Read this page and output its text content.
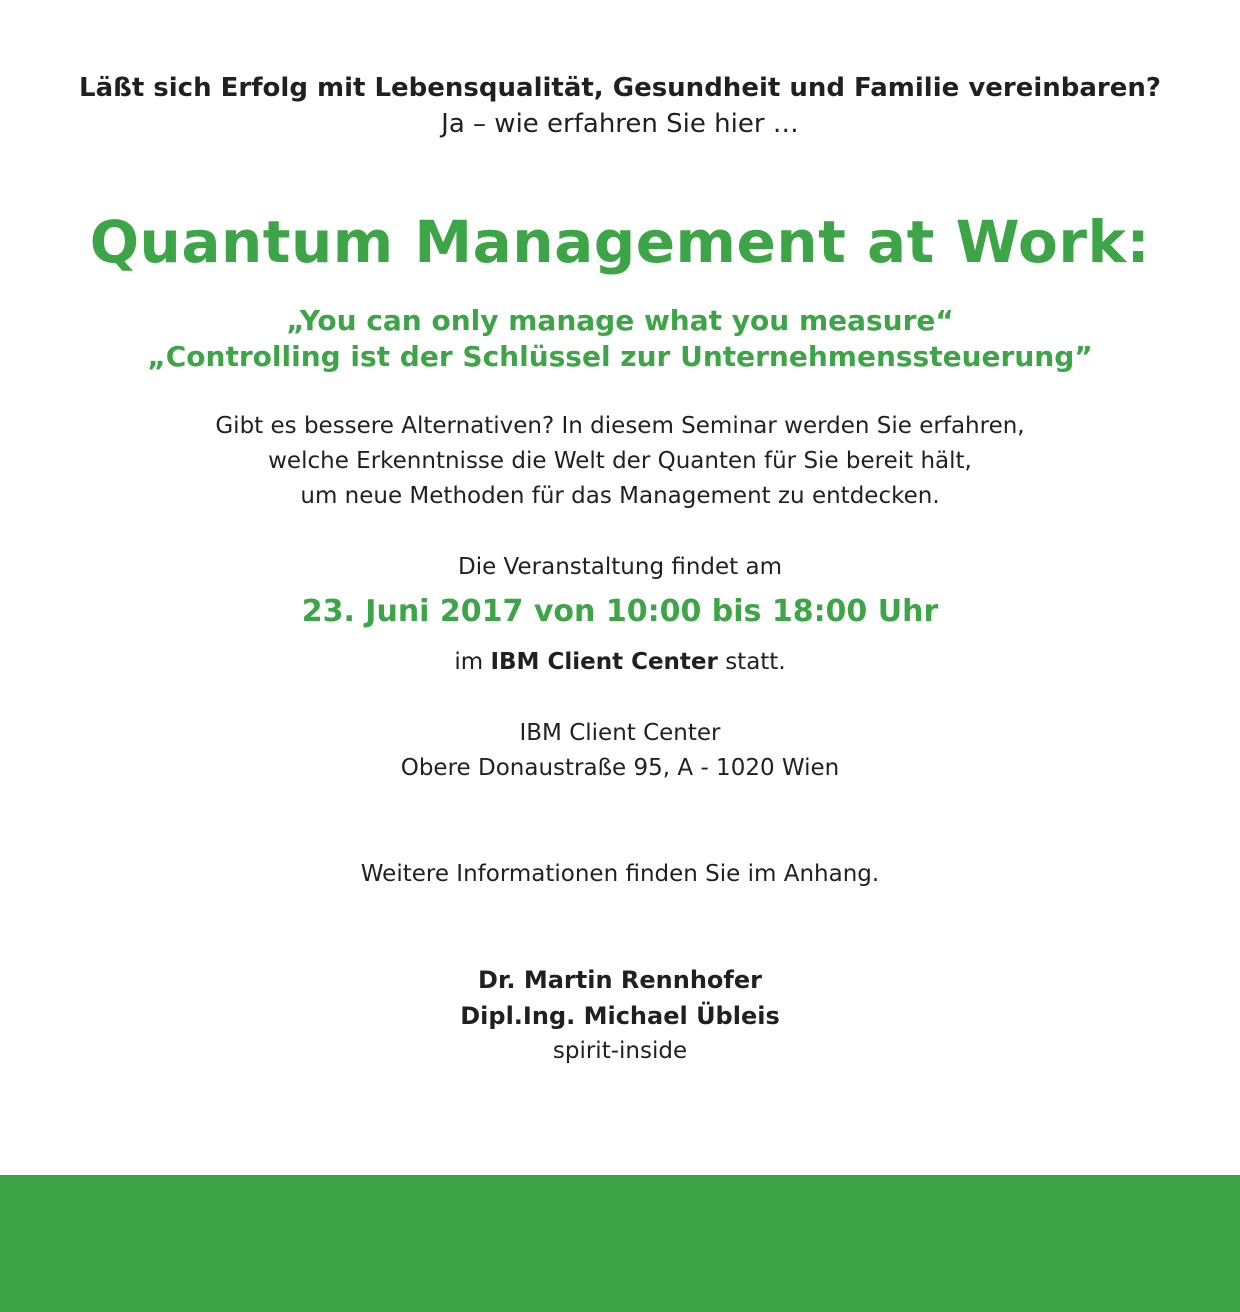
Läßt sich Erfolg mit Lebensqualität, Gesundheit und Familie vereinbaren?
Ja – wie erfahren Sie hier …
Quantum Management at Work:
„You can only manage what you measure“
„Controlling ist der Schlüssel zur Unternehmenssteuerung”
Gibt es bessere Alternativen? In diesem Seminar werden Sie erfahren,
welche Erkenntnisse die Welt der Quanten für Sie bereit hält,
um neue Methoden für das Management zu entdecken.
Die Veranstaltung findet am
23. Juni 2017 von 10:00 bis 18:00 Uhr
im IBM Client Center statt.
IBM Client Center
Obere Donaustraße 95, A - 1020 Wien
Weitere Informationen finden Sie im Anhang.
Dr. Martin Rennhofer
Dipl.Ing. Michael Übleis
spirit-inside
